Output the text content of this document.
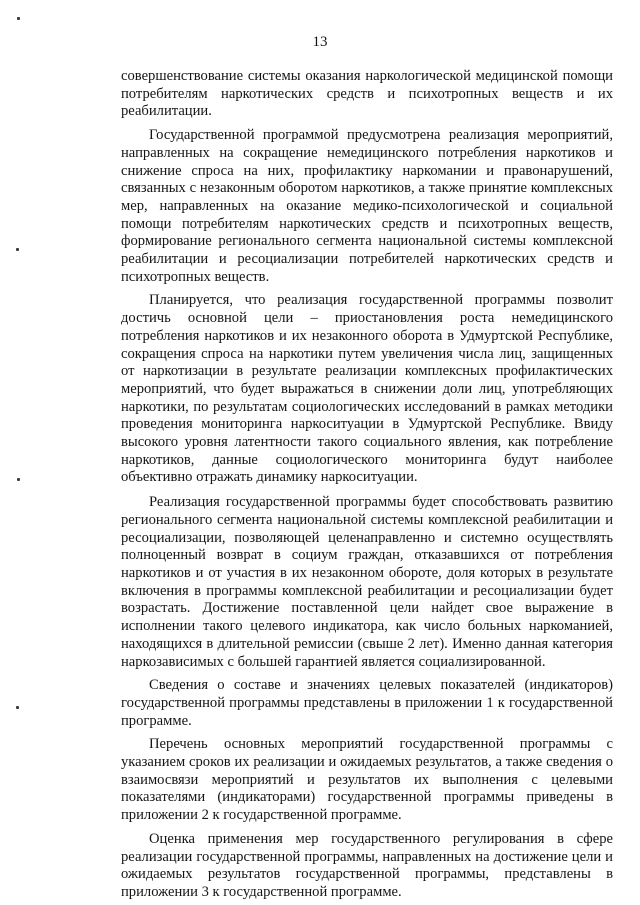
13

совершенствование системы оказания наркологической медицинской помощи потребителям наркотических средств и психотропных веществ и их реабилитации.

Государственной программой предусмотрена реализация мероприятий, направленных на сокращение немедицинского потребления наркотиков и снижение спроса на них, профилактику наркомании и правонарушений, связанных с незаконным оборотом наркотиков, а также принятие комплексных мер, направленных на оказание медико-психологической и социальной помощи потребителям наркотических средств и психотропных веществ, формирование регионального сегмента национальной системы комплексной реабилитации и ресоциализации потребителей наркотических средств и психотропных веществ.

Планируется, что реализация государственной программы позволит достичь основной цели – приостановления роста немедицинского потребления наркотиков и их незаконного оборота в Удмуртской Республике, сокращения спроса на наркотики путем увеличения числа лиц, защищенных от наркотизации в результате реализации комплексных профилактических мероприятий, что будет выражаться в снижении доли лиц, употребляющих наркотики, по результатам социологических исследований в рамках методики проведения мониторинга наркоситуации в Удмуртской Республике. Ввиду высокого уровня латентности такого социального явления, как потребление наркотиков, данные социологического мониторинга будут наиболее объективно отражать динамику наркоситуации.

Реализация государственной программы будет способствовать развитию регионального сегмента национальной системы комплексной реабилитации и ресоциализации, позволяющей целенаправленно и системно осуществлять полноценный возврат в социум граждан, отказавшихся от потребления наркотиков и от участия в их незаконном обороте, доля которых в результате включения в программы комплексной реабилитации и ресоциализации будет возрастать. Достижение поставленной цели найдет свое выражение в исполнении такого целевого индикатора, как число больных наркоманией, находящихся в длительной ремиссии (свыше 2 лет). Именно данная категория наркозависимых с большей гарантией является социализированной.

Сведения о составе и значениях целевых показателей (индикаторов) государственной программы представлены в приложении 1 к государственной программе.

Перечень основных мероприятий государственной программы с указанием сроков их реализации и ожидаемых результатов, а также сведения о взаимосвязи мероприятий и результатов их выполнения с целевыми показателями (индикаторами) государственной программы приведены в приложении 2 к государственной программе.

Оценка применения мер государственного регулирования в сфере реализации государственной программы, направленных на достижение цели и ожидаемых результатов государственной программы, представлены в приложении 3 к государственной программе.
